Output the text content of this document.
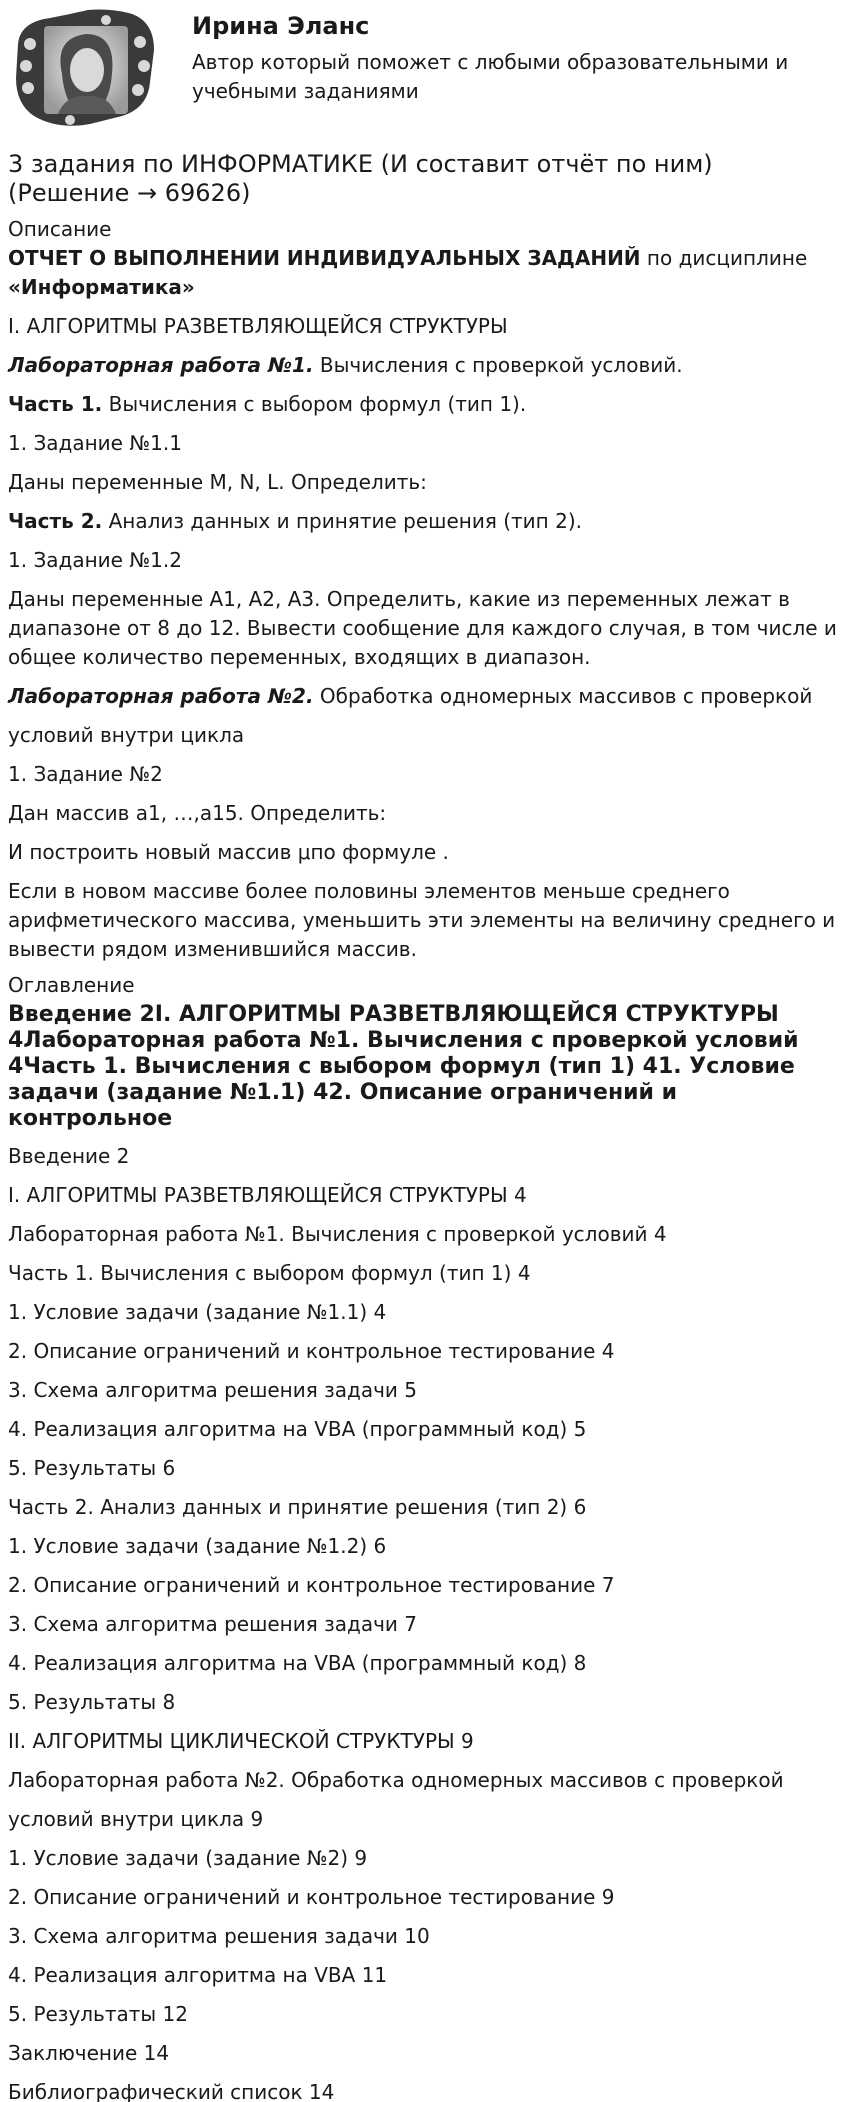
Ирина Эланс
Автор который поможет с любыми образовательными и учебными заданиями
3 задания по ИНФОРМАТИКЕ (И составит отчёт по ним) (Решение → 69626)
Описание
ОТЧЕТ О ВЫПОЛНЕНИИ ИНДИВИДУАЛЬНЫХ ЗАДАНИЙ по дисциплине «Информатика»
I. АЛГОРИТМЫ РАЗВЕТВЛЯЮЩЕЙСЯ СТРУКТУРЫ
Лабораторная работа №1. Вычисления с проверкой условий.
Часть 1. Вычисления с выбором формул (тип 1).
1. Задание №1.1
Даны переменные M, N, L. Определить:
Часть 2. Анализ данных и принятие решения (тип 2).
1. Задание №1.2
Даны переменные A1, A2, A3. Определить, какие из переменных лежат в диапазоне от 8 до 12. Вывести сообщение для каждого случая, в том числе и общее количество переменных, входящих в диапазон.
Лабораторная работа №2. Обработка одномерных массивов с проверкой
условий внутри цикла
1. Задание №2
Дан массив a1, …,a15. Определить:
И построить новый массив μпо формуле .
Если в новом массиве более половины элементов меньше среднего арифметического массива, уменьшить эти элементы на величину среднего и вывести рядом изменившийся массив.
Оглавление
Введение 2I. АЛГОРИТМЫ РАЗВЕТВЛЯЮЩЕЙСЯ СТРУКТУРЫ 4Лабораторная работа №1. Вычисления с проверкой условий 4Часть 1. Вычисления с выбором формул (тип 1) 41. Условие задачи (задание №1.1) 42. Описание ограничений и контрольное
Введение 2
I. АЛГОРИТМЫ РАЗВЕТВЛЯЮЩЕЙСЯ СТРУКТУРЫ 4
Лабораторная работа №1. Вычисления с проверкой условий 4
Часть 1. Вычисления с выбором формул (тип 1) 4
1. Условие задачи (задание №1.1) 4
2. Описание ограничений и контрольное тестирование 4
3. Схема алгоритма решения задачи 5
4. Реализация алгоритма на VBA (программный код) 5
5. Результаты 6
Часть 2. Анализ данных и принятие решения (тип 2) 6
1. Условие задачи (задание №1.2) 6
2. Описание ограничений и контрольное тестирование 7
3. Схема алгоритма решения задачи 7
4. Реализация алгоритма на VBA (программный код) 8
5. Результаты 8
II. АЛГОРИТМЫ ЦИКЛИЧЕСКОЙ СТРУКТУРЫ 9
Лабораторная работа №2. Обработка одномерных массивов с проверкой
условий внутри цикла 9
1. Условие задачи (задание №2) 9
2. Описание ограничений и контрольное тестирование 9
3. Схема алгоритма решения задачи 10
4. Реализация алгоритма на VBA 11
5. Результаты 12
Заключение 14
Библиографический список 14
